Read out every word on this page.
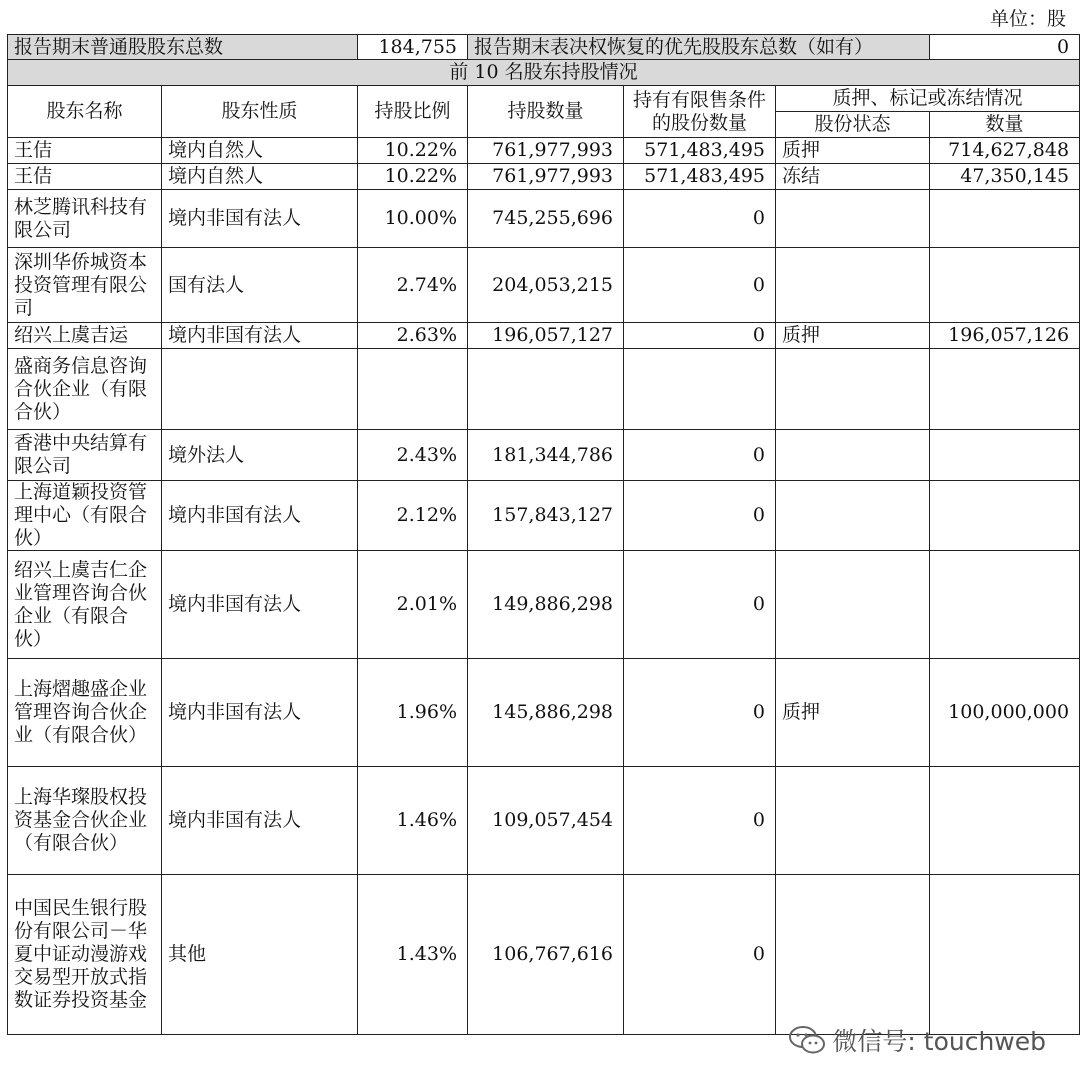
单位：股
报告期末普通股股东总数		184,755	报告期末表决权恢复的优先股股东总数（如有）			0
前 10 名股东持股情况						
股东名称	股东性质	持股比例	持股数量	持有有限售条件的股份数量	质押、标记或冻结情况	
					股份状态	数量
王佶	境内自然人	10.22%	761,977,993	571,483,495	质押	714,627,848
王佶	境内自然人	10.22%	761,977,993	571,483,495	冻结	47,350,145
林芝腾讯科技有限公司	境内非国有法人	10.00%	745,255,696	0		
深圳华侨城资本投资管理有限公司	国有法人	2.74%	204,053,215	0		
绍兴上虞吉运	境内非国有法人	2.63%	196,057,127	0	质押	196,057,126
盛商务信息咨询合伙企业（有限合伙）						
香港中央结算有限公司	境外法人	2.43%	181,344,786	0		
上海道颖投资管理中心（有限合伙）	境内非国有法人	2.12%	157,843,127	0		
绍兴上虞吉仁企业管理咨询合伙企业（有限合伙）	境内非国有法人	2.01%	149,886,298	0		
上海熠趣盛企业管理咨询合伙企业（有限合伙）	境内非国有法人	1.96%	145,886,298	0	质押	100,000,000
上海华璨股权投资基金合伙企业（有限合伙）	境内非国有法人	1.46%	109,057,454	0		
中国民生银行股份有限公司－华夏中证动漫游戏交易型开放式指数证券投资基金	其他	1.43%	106,767,616	0		
微信号: touchweb
